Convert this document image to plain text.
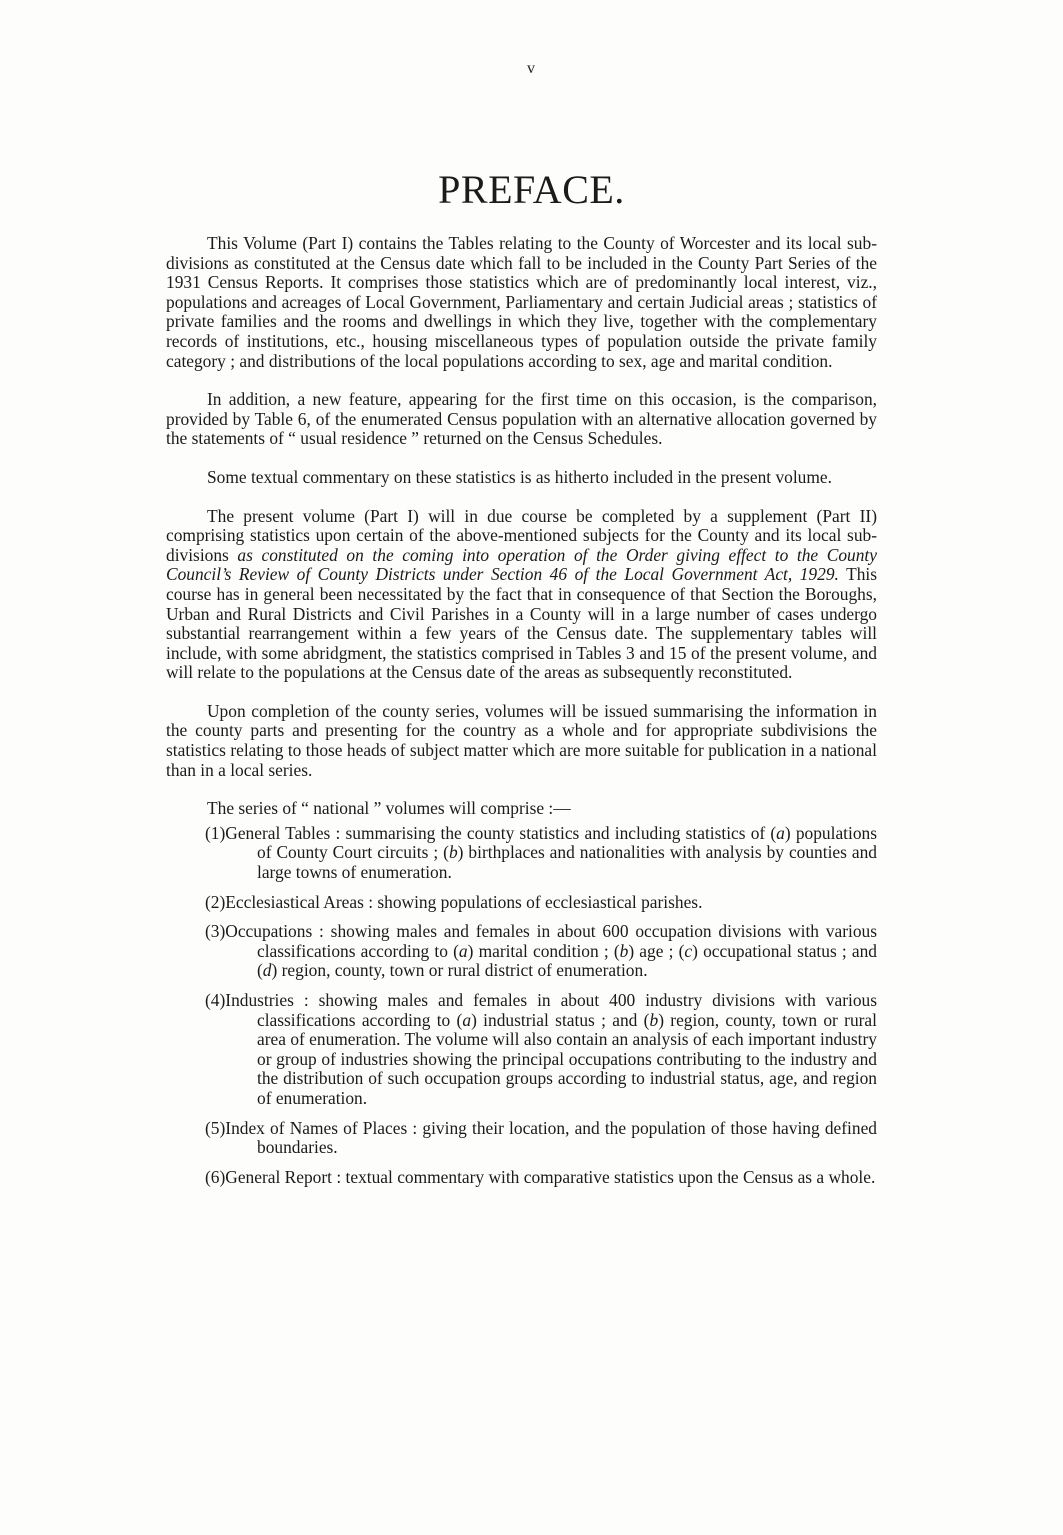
v
PREFACE.

This Volume (Part I) contains the Tables relating to the County of Worcester and its local sub-divisions as constituted at the Census date which fall to be included in the County Part Series of the 1931 Census Reports. It comprises those statistics which are of predominantly local interest, viz., populations and acreages of Local Government, Parliamentary and certain Judicial areas ; statistics of private families and the rooms and dwellings in which they live, together with the complementary records of institutions, etc., housing miscellaneous types of population outside the private family category ; and distributions of the local populations according to sex, age and marital condition.

In addition, a new feature, appearing for the first time on this occasion, is the comparison, provided by Table 6, of the enumerated Census population with an alternative allocation governed by the statements of “ usual residence ” returned on the Census Schedules.

Some textual commentary on these statistics is as hitherto included in the present volume.

The present volume (Part I) will in due course be completed by a supplement (Part II) comprising statistics upon certain of the above-mentioned subjects for the County and its local sub-divisions as constituted on the coming into operation of the Order giving effect to the County Council’s Review of County Districts under Section 46 of the Local Government Act, 1929. This course has in general been necessitated by the fact that in consequence of that Section the Boroughs, Urban and Rural Districts and Civil Parishes in a County will in a large number of cases undergo substantial rearrangement within a few years of the Census date. The supplementary tables will include, with some abridgment, the statistics comprised in Tables 3 and 15 of the present volume, and will relate to the populations at the Census date of the areas as subsequently reconstituted.

Upon completion of the county series, volumes will be issued summarising the information in the county parts and presenting for the country as a whole and for appropriate subdivisions the statistics relating to those heads of subject matter which are more suitable for publication in a national than in a local series.

The series of “ national ” volumes will comprise :—

(1)General Tables : summarising the county statistics and including statistics of (a) populations of County Court circuits ; (b) birthplaces and nationalities with analysis by counties and large towns of enumeration.
(2)Ecclesiastical Areas : showing populations of ecclesiastical parishes.
(3)Occupations : showing males and females in about 600 occupation divisions with various classifications according to (a) marital condition ; (b) age ; (c) occupational status ; and (d) region, county, town or rural district of enumeration.
(4)Industries : showing males and females in about 400 industry divisions with various classifications according to (a) industrial status ; and (b) region, county, town or rural area of enumeration. The volume will also contain an analysis of each important industry or group of industries showing the principal occupations contributing to the industry and the distribution of such occupation groups according to industrial status, age, and region of enumeration.
(5)Index of Names of Places : giving their location, and the population of those having defined boundaries.
(6)General Report : textual commentary with comparative statistics upon the Census as a whole.
